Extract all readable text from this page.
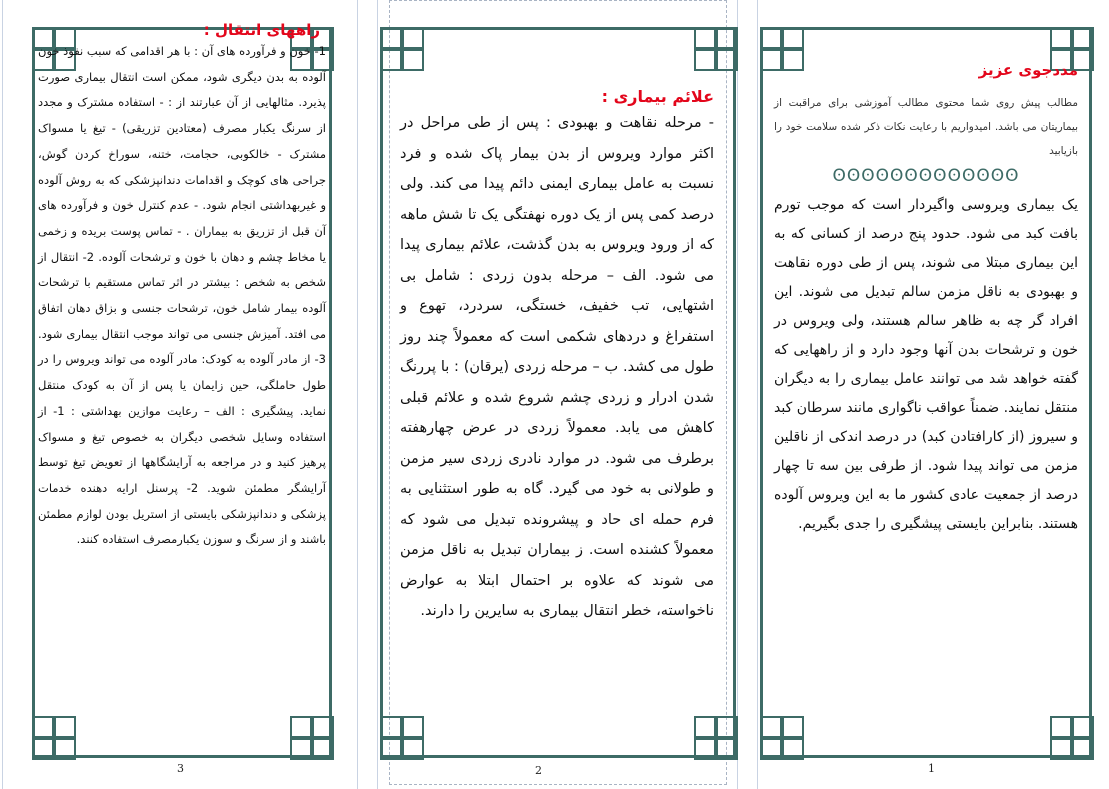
راههای انتقال :

1- خون و فرآورده های آن : با هر اقدامی که سبب نفوذ خون آلوده به بدن دیگری شود، ممکن است انتقال بیماری صورت پذیرد. مثالهایی از آن عبارتند از : - استفاده مشترک و مجدد از سرنگ یکبار مصرف (معتادین تزریقی) - تیغ یا مسواک مشترک - خالکوبی، حجامت، ختنه، سوراخ کردن گوش، جراحی های کوچک و اقدامات دندانپزشکی که به روش آلوده و غیربهداشتی انجام شود. - عدم کنترل خون و فرآورده های آن قبل از تزریق به بیماران . - تماس پوست بریده و زخمی یا مخاط چشم و دهان با خون و ترشحات آلوده. 2- انتقال از شخص به شخص : بیشتر در اثر تماس مستقیم با ترشحات آلوده بیمار شامل خون، ترشحات جنسی و بزاق دهان اتفاق می افتد. آمیزش جنسی می تواند موجب انتقال بیماری شود. 3- از مادر آلوده به کودک: مادر آلوده می تواند ویروس را در طول حاملگی، حین زایمان یا پس از آن به کودک منتقل نماید. پیشگیری : الف – رعایت موازین بهداشتی : 1- از استفاده وسایل شخصی دیگران به خصوص تیغ و مسواک پرهیز کنید و در مراجعه به آرایشگاهها از تعویض تیغ توسط آرایشگر مطمئن شوید. 2- پرسنل ارایه دهنده خدمات پزشکی و دندانپزشکی بایستی از استریل بودن لوازم مطمئن باشند و از سرنگ و سوزن یکبارمصرف استفاده کنند.

3
علائم بیماری :

- مرحله نقاهت و بهبودی : پس از طی مراحل در اکثر موارد ویروس از بدن بیمار پاک شده و فرد نسبت به عامل بیماری ایمنی دائم پیدا می کند. ولی درصد کمی پس از یک دوره نهفتگی یک تا شش ماهه که از ورود ویروس به بدن گذشت، علائم بیماری پیدا می شود. الف – مرحله بدون زردی : شامل بی اشتهایی، تب خفیف، خستگی، سردرد، تهوع و استفراغ و دردهای شکمی است که معمولاً چند روز طول می کشد. ب – مرحله زردی (یرقان) : با پررنگ شدن ادرار و زردی چشم شروع شده و علائم قبلی کاهش می یابد. معمولاً زردی در عرض چهارهفته برطرف می شود. در موارد نادری زردی سیر مزمن و طولانی به خود می گیرد. گاه به طور استثنایی به فرم حمله ای حاد و پیشرونده تبدیل می شود که معمولاً کشنده است. ز بیماران تبدیل به ناقل مزمن می شوند که علاوه بر احتمال ابتلا به عوارض ناخواسته، خطر انتقال بیماری به سایرین را دارند.

2
مددجوی عزیز

مطالب پیش روی شما محتوی مطالب آموزشی برای مراقبت از بیماریتان می باشد. امیدواریم با رعایت نکات ذکر شده سلامت خود را بازیابید

ʘʘʘʘʘʘʘʘʘʘʘʘʘ

یک بیماری ویروسی واگیردار است که موجب تورم بافت کبد می شود. حدود پنج درصد از کسانی که به این بیماری مبتلا می شوند، پس از طی دوره نقاهت و بهبودی به ناقل مزمن سالم تبدیل می شوند. این افراد گر چه به ظاهر سالم هستند، ولی ویروس در خون و ترشحات بدن آنها وجود دارد و از راههایی که گفته خواهد شد می توانند عامل بیماری را به دیگران منتقل نمایند. ضمناً عواقب ناگواری مانند سرطان کبد و سیروز (از کارافتادن کبد) در درصد اندکی از ناقلین مزمن می تواند پیدا شود. از طرفی بین سه تا چهار درصد از جمعیت عادی کشور ما به این ویروس آلوده هستند. بنابراین بایستی پیشگیری را جدی بگیریم.

1
